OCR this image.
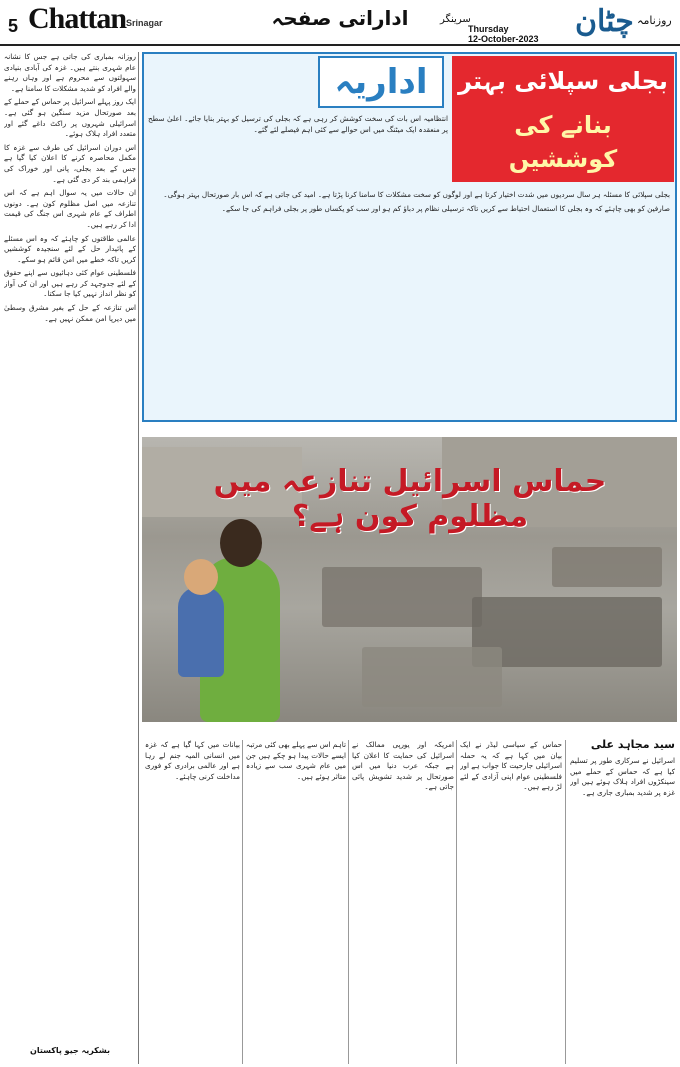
5 Chattan Srinagar	اداراتی صفحہ	سرینگر
Thursday
12-October-2023 چٹان روزنامہ

روزانہ بمباری کی جاتی ہے جس کا نشانہ عام شہری بنتے ہیں۔ غزہ کی آبادی بنیادی سہولتوں سے محروم ہے اور وہاں رہنے والے افراد کو شدید مشکلات کا سامنا ہے۔

ایک روز پہلے اسرائیل پر حماس کے حملے کے بعد صورتحال مزید سنگین ہو گئی ہے۔ اسرائیلی شہروں پر راکٹ داغے گئے اور متعدد افراد ہلاک ہوئے۔

اس دوران اسرائیل کی طرف سے غزہ کا مکمل محاصرہ کرنے کا اعلان کیا گیا ہے جس کے بعد بجلی، پانی اور خوراک کی فراہمی بند کر دی گئی ہے۔

ان حالات میں یہ سوال اہم ہے کہ اس تنازعہ میں اصل مظلوم کون ہے۔ دونوں اطراف کے عام شہری اس جنگ کی قیمت ادا کر رہے ہیں۔

عالمی طاقتوں کو چاہئے کہ وہ اس مسئلے کے پائیدار حل کے لئے سنجیدہ کوششیں کریں تاکہ خطے میں امن قائم ہو سکے۔

فلسطینی عوام کئی دہائیوں سے اپنے حقوق کے لئے جدوجہد کر رہے ہیں اور ان کی آواز کو نظر انداز نہیں کیا جا سکتا۔

اس تنازعہ کے حل کے بغیر مشرق وسطیٰ میں دیرپا امن ممکن نہیں ہے۔

اداریہ	بجلی سپلائی بہتر
بنانے کی کوششیں

انتظامیہ اس بات کی سخت کوشش کر رہی ہے کہ بجلی کی ترسیل کو بہتر بنایا جائے۔ اعلیٰ سطح پر منعقدہ ایک میٹنگ میں اس حوالے سے کئی اہم فیصلے لئے گئے۔

بجلی سپلائی کا مسئلہ ہر سال سردیوں میں شدت اختیار کرتا ہے اور لوگوں کو سخت مشکلات کا سامنا کرنا پڑتا ہے۔ امید کی جاتی ہے کہ اس بار صورتحال بہتر ہوگی۔

صارفین کو بھی چاہئے کہ وہ بجلی کا استعمال احتیاط سے کریں تاکہ ترسیلی نظام پر دباؤ کم ہو اور سب کو یکساں طور پر بجلی فراہم کی جا سکے۔

حماس اسرائیل تنازعہ میں مظلوم کون ہے؟
سید مجاہد علی

اسرائیل نے سرکاری طور پر تسلیم کیا ہے کہ حماس کے حملے میں سینکڑوں افراد ہلاک ہوئے ہیں اور غزہ پر شدید بمباری جاری ہے۔

حماس کے سیاسی لیڈر نے ایک بیان میں کہا ہے کہ یہ حملہ اسرائیلی جارحیت کا جواب ہے اور فلسطینی عوام اپنی آزادی کے لئے لڑ رہے ہیں۔

امریکہ اور یورپی ممالک نے اسرائیل کی حمایت کا اعلان کیا ہے جبکہ عرب دنیا میں اس صورتحال پر شدید تشویش پائی جاتی ہے۔

تاہم اس سے پہلے بھی کئی مرتبہ ایسے حالات پیدا ہو چکے ہیں جن میں عام شہری سب سے زیادہ متاثر ہوئے ہیں۔

بیانات میں کہا گیا ہے کہ غزہ میں انسانی المیہ جنم لے رہا ہے اور عالمی برادری کو فوری مداخلت کرنی چاہئے۔

بشکریہ جیو پاکستان
